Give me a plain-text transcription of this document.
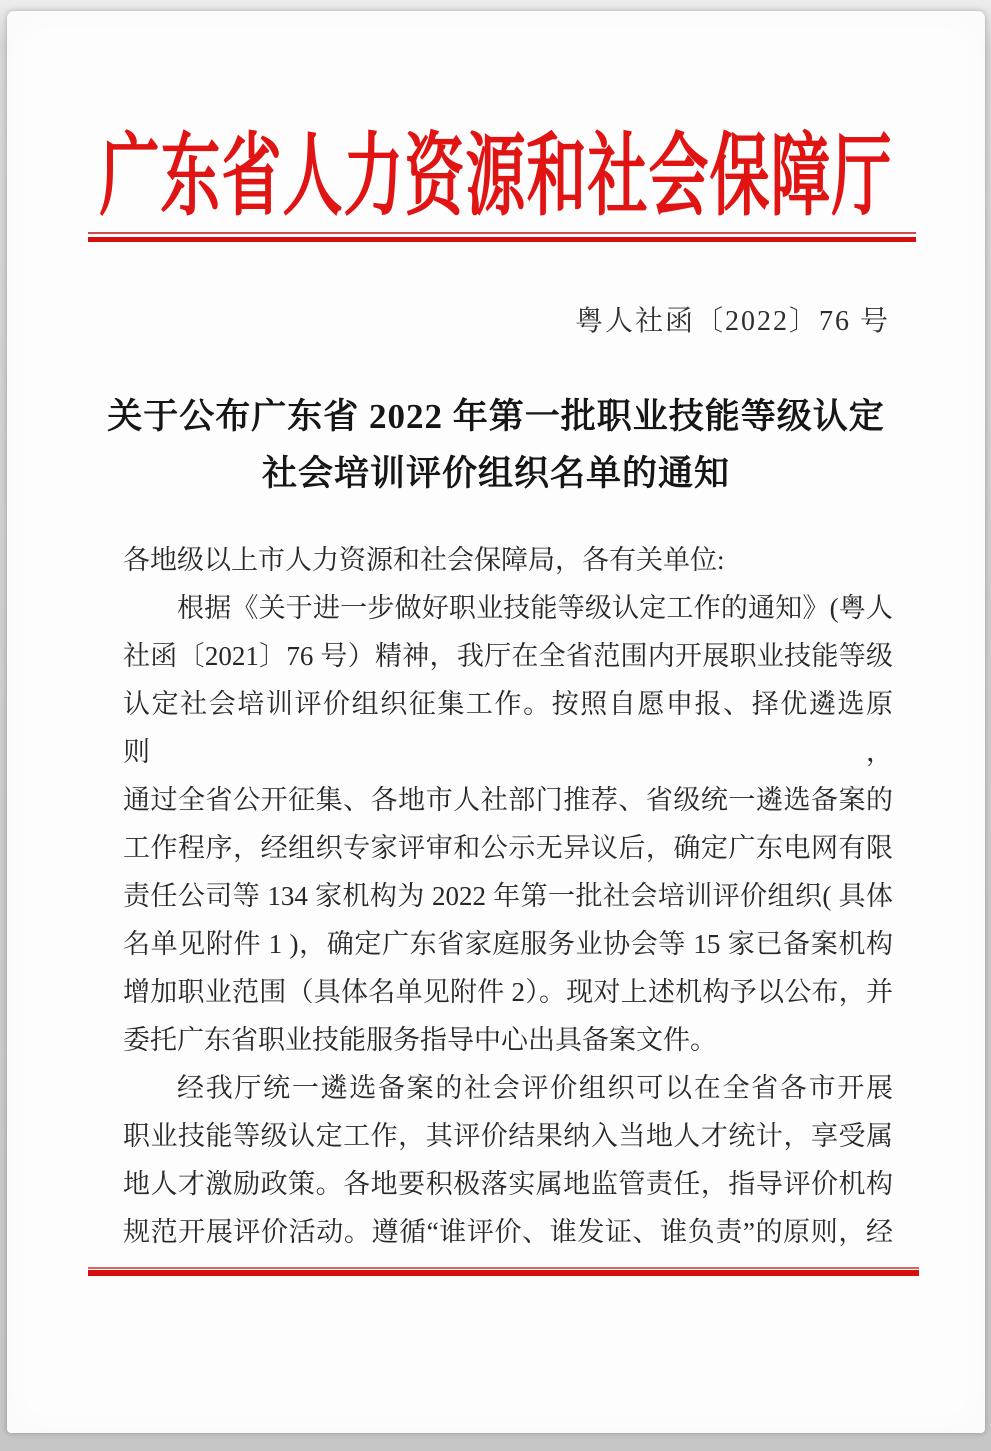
广东省人力资源和社会保障厅
粤人社函〔2022〕76 号
关于公布广东省 2022 年第一批职业技能等级认定
社会培训评价组织名单的通知
各地级以上市人力资源和社会保障局，各有关单位:
根据《关于进一步做好职业技能等级认定工作的通知》(粤人
社函〔2021〕76 号）精神，我厅在全省范围内开展职业技能等级
认定社会培训评价组织征集工作。按照自愿申报、择优遴选原则，
通过全省公开征集、各地市人社部门推荐、省级统一遴选备案的
工作程序，经组织专家评审和公示无异议后，确定广东电网有限
责任公司等 134 家机构为 2022 年第一批社会培训评价组织( 具体
名单见附件 1 )，确定广东省家庭服务业协会等 15 家已备案机构
增加职业范围（具体名单见附件 2）。现对上述机构予以公布，并
委托广东省职业技能服务指导中心出具备案文件。
经我厅统一遴选备案的社会评价组织可以在全省各市开展
职业技能等级认定工作，其评价结果纳入当地人才统计，享受属
地人才激励政策。各地要积极落实属地监管责任，指导评价机构
规范开展评价活动。遵循“谁评价、谁发证、谁负责”的原则，经
